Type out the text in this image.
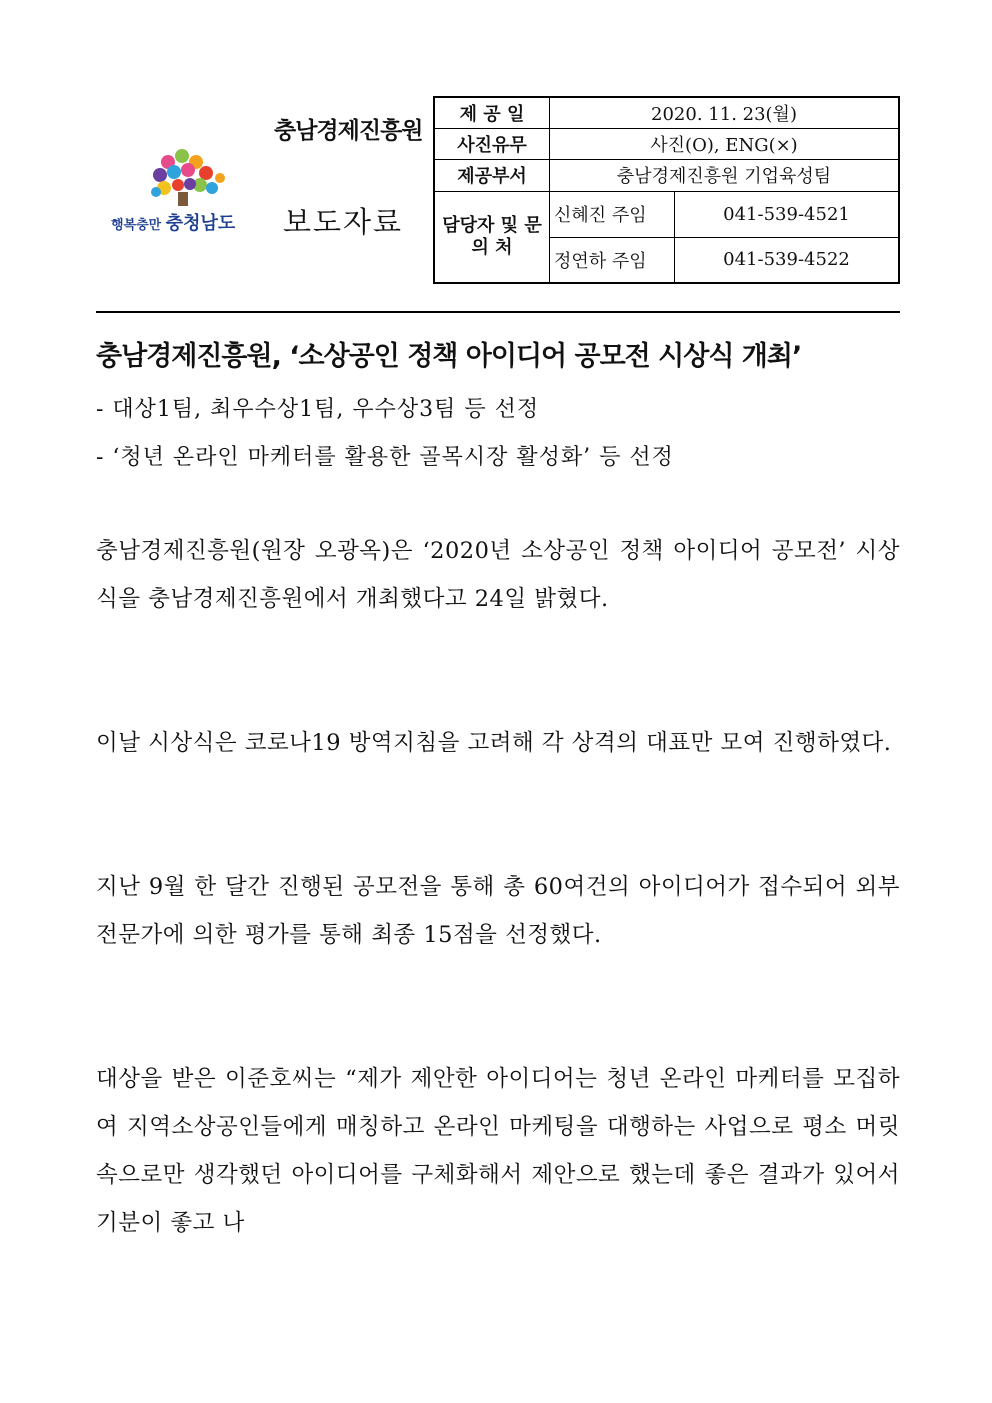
행복충만 충청남도
충남경제진흥원
보도자료
제 공 일	2020. 11. 23(월)	
사진유무	사진(O), ENG(×)	
제공부서	충남경제진흥원 기업육성팀	
담당자 및 문 의 처	신혜진 주임	041-539-4521
	정연하 주임	041-539-4522
충남경제진흥원, ‘소상공인 정책 아이디어 공모전 시상식 개최’
- 대상1팀, 최우수상1팀, 우수상3팀 등 선정
- ‘청년 온라인 마케터를 활용한 골목시장 활성화’ 등 선정
충남경제진흥원(원장 오광옥)은 ‘2020년 소상공인 정책 아이디어 공모전’ 시상식을 충남경제진흥원에서 개최했다고 24일 밝혔다.
이날 시상식은 코로나19 방역지침을 고려해 각 상격의 대표만 모여 진행하였다.
지난 9월 한 달간 진행된 공모전을 통해 총 60여건의 아이디어가 접수되어 외부 전문가에 의한 평가를 통해 최종 15점을 선정했다.
대상을 받은 이준호씨는 “제가 제안한 아이디어는 청년 온라인 마케터를 모집하여 지역소상공인들에게 매칭하고 온라인 마케팅을 대행하는 사업으로 평소 머릿속으로만 생각했던 아이디어를 구체화해서 제안으로 했는데 좋은 결과가 있어서 기분이 좋고 나
